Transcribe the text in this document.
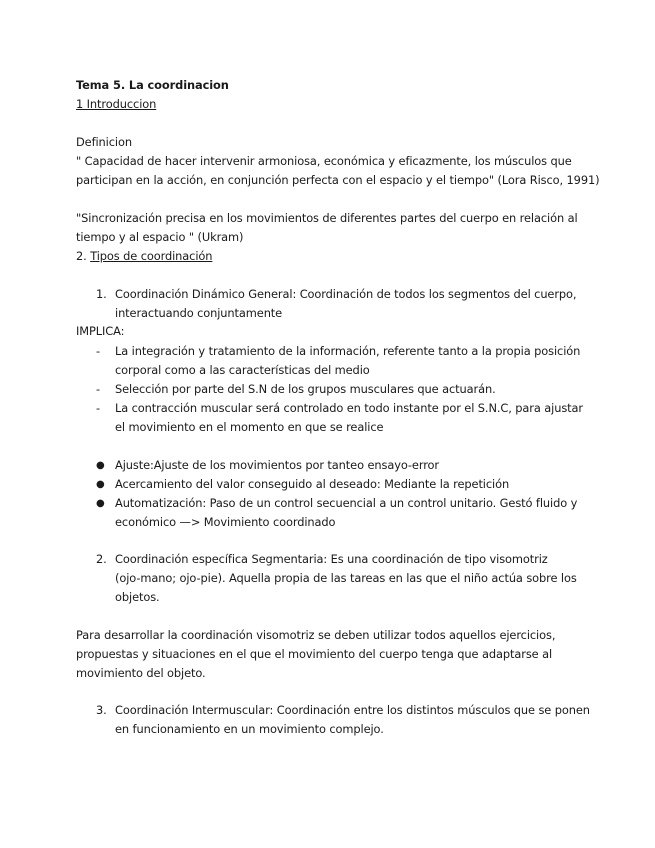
Tema 5. La coordinacion
1 Introduccion
Definicion
" Capacidad de hacer intervenir armoniosa, económica y eficazmente, los músculos que
participan en la acción, en conjunción perfecta con el espacio y el tiempo" (Lora Risco, 1991)
"Sincronización precisa en los movimientos de diferentes partes del cuerpo en relación al
tiempo y al espacio " (Ukram)
2. Tipos de coordinación
1. Coordinación Dinámico General: Coordinación de todos los segmentos del cuerpo,
interactuando conjuntamente
IMPLICA:
- La integración y tratamiento de la información, referente tanto a la propia posición
corporal como a las características del medio
- Selección por parte del S.N de los grupos musculares que actuarán.
- La contracción muscular será controlado en todo instante por el S.N.C, para ajustar
el movimiento en el momento en que se realice
● Ajuste:Ajuste de los movimientos por tanteo ensayo-error
● Acercamiento del valor conseguido al deseado: Mediante la repetición
● Automatización: Paso de un control secuencial a un control unitario. Gestó fluido y
económico —> Movimiento coordinado
2. Coordinación específica Segmentaria: Es una coordinación de tipo visomotriz
(ojo-mano; ojo-pie). Aquella propia de las tareas en las que el niño actúa sobre los
objetos.
Para desarrollar la coordinación visomotriz se deben utilizar todos aquellos ejercicios,
propuestas y situaciones en el que el movimiento del cuerpo tenga que adaptarse al
movimiento del objeto.
3. Coordinación Intermuscular: Coordinación entre los distintos músculos que se ponen
en funcionamiento en un movimiento complejo.
